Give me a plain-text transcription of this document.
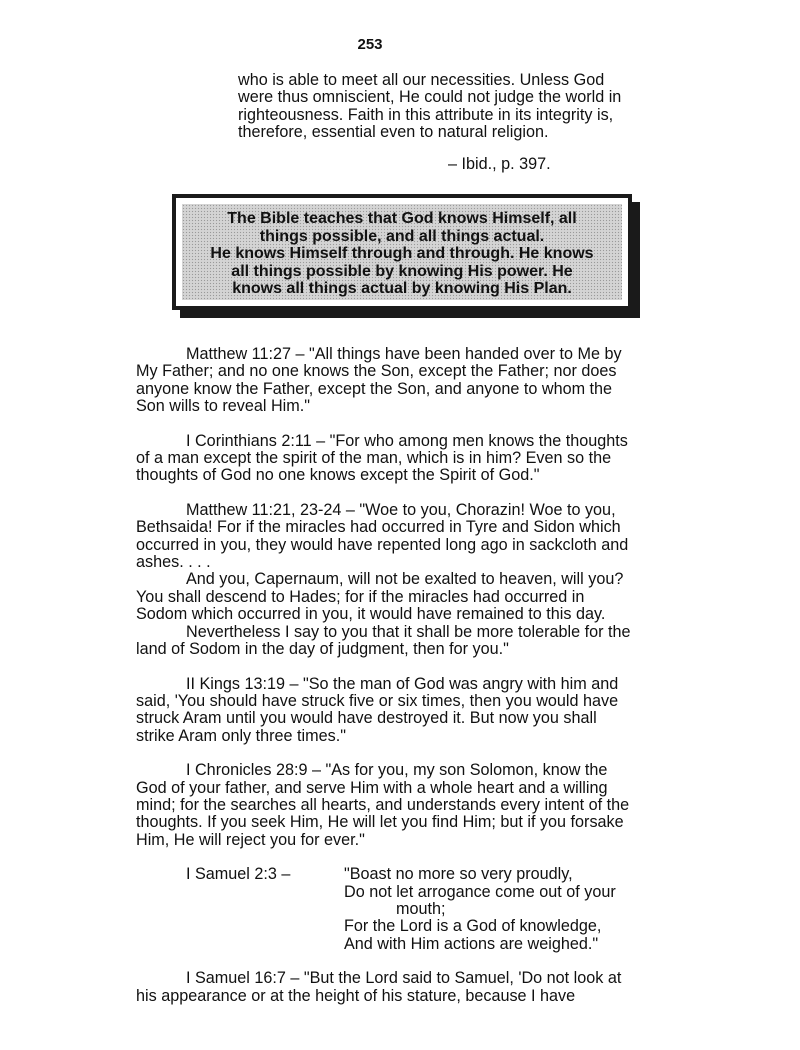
253

who is able to meet all our necessities. Unless God

were thus omniscient, He could not judge the world in

righteousness. Faith in this attribute in its integrity is,

therefore, essential even to natural religion.

– Ibid., p. 397.
The Bible teaches that God knows Himself, all
things possible, and all things actual.
He knows Himself through and through. He knows
all things possible by knowing His power. He
knows all things actual by knowing His Plan.
Matthew 11:27 – "All things have been handed over to Me by
My Father; and no one knows the Son, except the Father; nor does
anyone know the Father, except the Son, and anyone to whom the
Son wills to reveal Him."
I Corinthians 2:11 – "For who among men knows the thoughts
of a man except the spirit of the man, which is in him? Even so the
thoughts of God no one knows except the Spirit of God."
Matthew 11:21, 23-24 – "Woe to you, Chorazin! Woe to you,
Bethsaida! For if the miracles had occurred in Tyre and Sidon which
occurred in you, they would have repented long ago in sackcloth and
ashes. . . .
And you, Capernaum, will not be exalted to heaven, will you?
You shall descend to Hades; for if the miracles had occurred in
Sodom which occurred in you, it would have remained to this day.
Nevertheless I say to you that it shall be more tolerable for the
land of Sodom in the day of judgment, then for you."
II Kings 13:19 – "So the man of God was angry with him and
said, 'You should have struck five or six times, then you would have
struck Aram until you would have destroyed it. But now you shall
strike Aram only three times."
I Chronicles 28:9 – "As for you, my son Solomon, know the
God of your father, and serve Him with a whole heart and a willing
mind; for the searches all hearts, and understands every intent of the
thoughts. If you seek Him, He will let you find Him; but if you forsake
Him, He will reject you for ever."
I Samuel 2:3 –	"Boast no more so very proudly,
Do not let arrogance come out of your
mouth;
For the Lord is a God of knowledge,
And with Him actions are weighed."
I Samuel 16:7 – "But the Lord said to Samuel, 'Do not look at
his appearance or at the height of his stature, because I have
